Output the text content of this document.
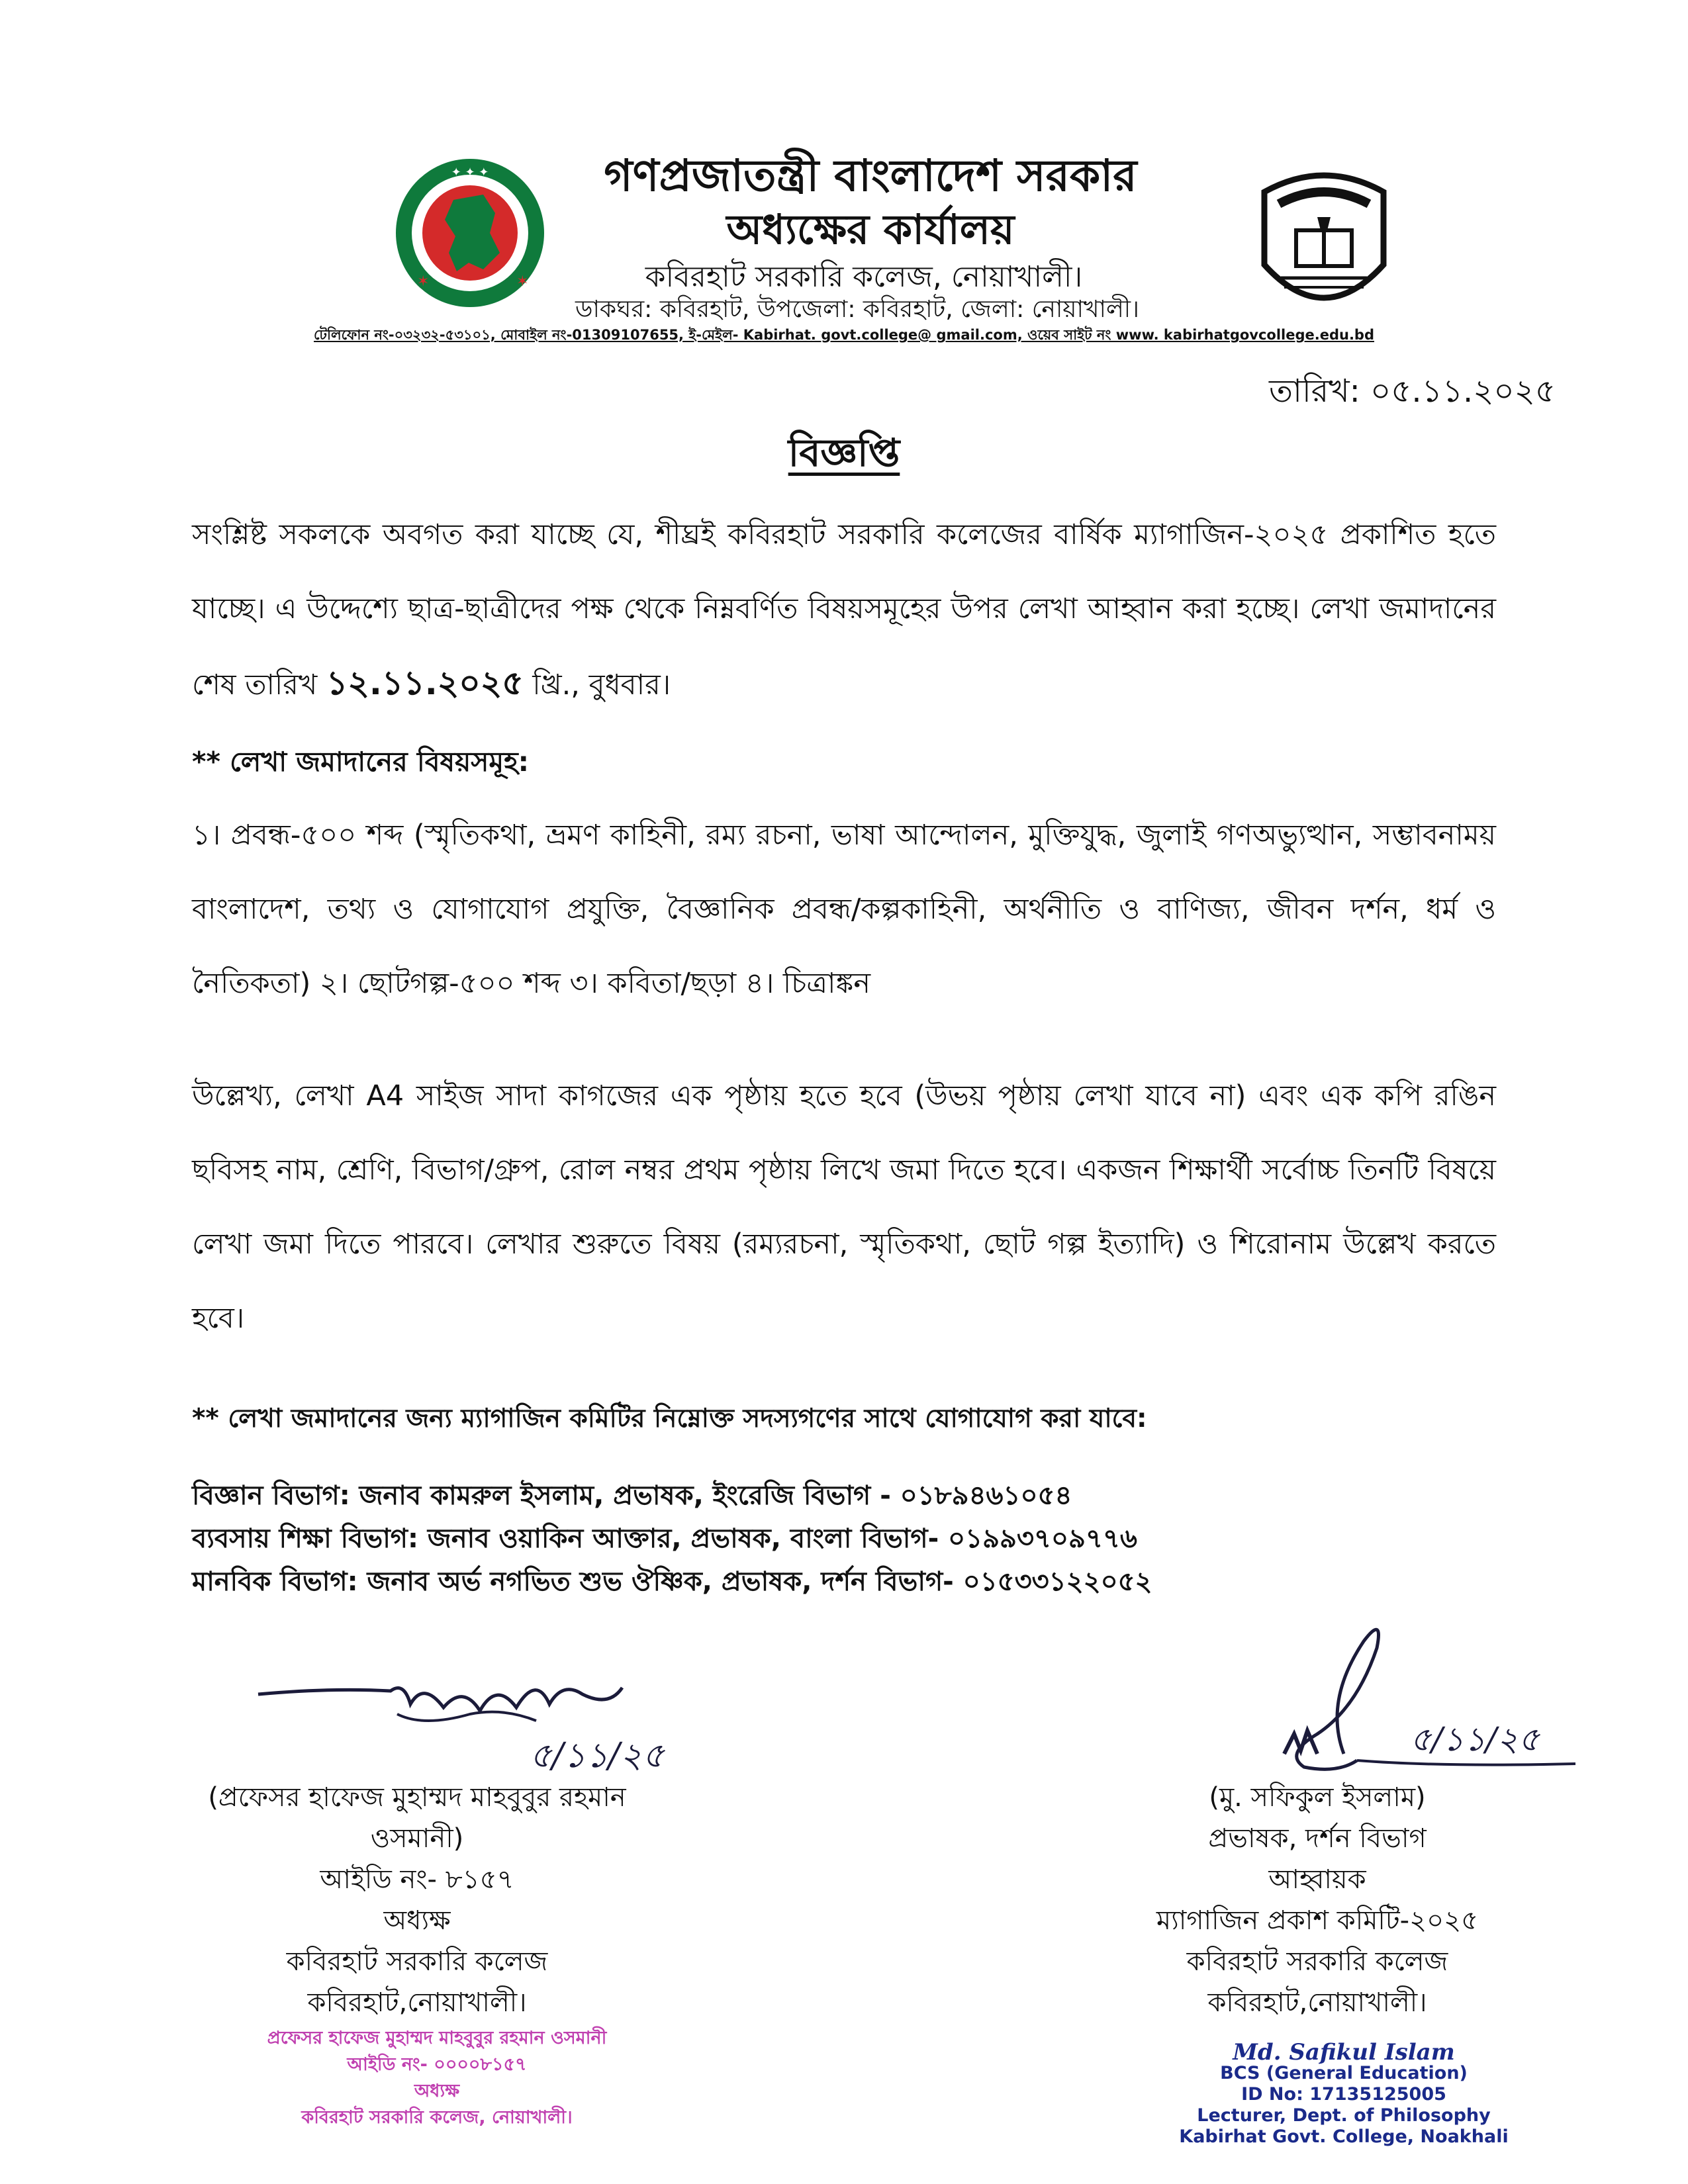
✦ ✦ ✦
✶	✶
গণপ্রজাতন্ত্রী বাংলাদেশ সরকার
অধ্যক্ষের কার্যালয়
কবিরহাট সরকারি কলেজ, নোয়াখালী।
ডাকঘর: কবিরহাট, উপজেলা: কবিরহাট, জেলা: নোয়াখালী।
টেলিফোন নং-০৩২৩২-৫৩১০১, মোবাইল নং-01309107655, ই-মেইল- Kabirhat. govt.college@ gmail.com, ওয়েব সাইট নং www. kabirhatgovcollege.edu.bd
তারিখ: ০৫.১১.২০২৫
বিজ্ঞপ্তি
সংশ্লিষ্ট সকলকে অবগত করা যাচ্ছে যে, শীঘ্রই কবিরহাট সরকারি কলেজের বার্ষিক ম্যাগাজিন-২০২৫ প্রকাশিত হতে যাচ্ছে। এ উদ্দেশ্যে ছাত্র-ছাত্রীদের পক্ষ থেকে নিম্নবর্ণিত বিষয়সমূহের উপর লেখা আহ্বান করা হচ্ছে। লেখা জমাদানের শেষ তারিখ ১২.১১.২০২৫ খ্রি., বুধবার।
** লেখা জমাদানের বিষয়সমূহ:
১। প্রবন্ধ-৫০০ শব্দ (স্মৃতিকথা, ভ্রমণ কাহিনী, রম্য রচনা, ভাষা আন্দোলন, মুক্তিযুদ্ধ, জুলাই গণঅভ্যুত্থান, সম্ভাবনাময় বাংলাদেশ, তথ্য ও যোগাযোগ প্রযুক্তি, বৈজ্ঞানিক প্রবন্ধ/কল্পকাহিনী, অর্থনীতি ও বাণিজ্য, জীবন দর্শন, ধর্ম ও নৈতিকতা) ২। ছোটগল্প-৫০০ শব্দ ৩। কবিতা/ছড়া ৪। চিত্রাঙ্কন
উল্লেখ্য, লেখা A4 সাইজ সাদা কাগজের এক পৃষ্ঠায় হতে হবে (উভয় পৃষ্ঠায় লেখা যাবে না) এবং এক কপি রঙিন ছবিসহ নাম, শ্রেণি, বিভাগ/গ্রুপ, রোল নম্বর প্রথম পৃষ্ঠায় লিখে জমা দিতে হবে। একজন শিক্ষার্থী সর্বোচ্চ তিনটি বিষয়ে লেখা জমা দিতে পারবে। লেখার শুরুতে বিষয় (রম্যরচনা, স্মৃতিকথা, ছোট গল্প ইত্যাদি) ও শিরোনাম উল্লেখ করতে হবে।
** লেখা জমাদানের জন্য ম্যাগাজিন কমিটির নিম্নোক্ত সদস্যগণের সাথে যোগাযোগ করা যাবে:
বিজ্ঞান বিভাগ: জনাব কামরুল ইসলাম, প্রভাষক, ইংরেজি বিভাগ - ০১৮৯৪৬১০৫৪
ব্যবসায় শিক্ষা বিভাগ: জনাব ওয়াকিন আক্তার, প্রভাষক, বাংলা বিভাগ- ০১৯৯৩৭০৯৭৭৬
মানবিক বিভাগ: জনাব অর্ভ নগভিত শুভ ঔষ্ণিক, প্রভাষক, দর্শন বিভাগ- ০১৫৩৩১২২০৫২
৫/১১/২৫
(প্রফেসর হাফেজ মুহাম্মদ মাহবুবুর রহমান
ওসমানী)
আইডি নং- ৮১৫৭
অধ্যক্ষ
কবিরহাট সরকারি কলেজ
কবিরহাট,নোয়াখালী।
প্রফেসর হাফেজ মুহাম্মদ মাহবুবুর রহমান ওসমানী
আইডি নং- ০০০০৮১৫৭
অধ্যক্ষ
কবিরহাট সরকারি কলেজ, নোয়াখালী।
৫/১১/২৫
(মু. সফিকুল ইসলাম)
প্রভাষক, দর্শন বিভাগ
আহ্বায়ক
ম্যাগাজিন প্রকাশ কমিটি-২০২৫
কবিরহাট সরকারি কলেজ
কবিরহাট,নোয়াখালী।
Md. Safikul Islam
BCS (General Education)
ID No: 17135125005
Lecturer, Dept. of Philosophy
Kabirhat Govt. College, Noakhali
